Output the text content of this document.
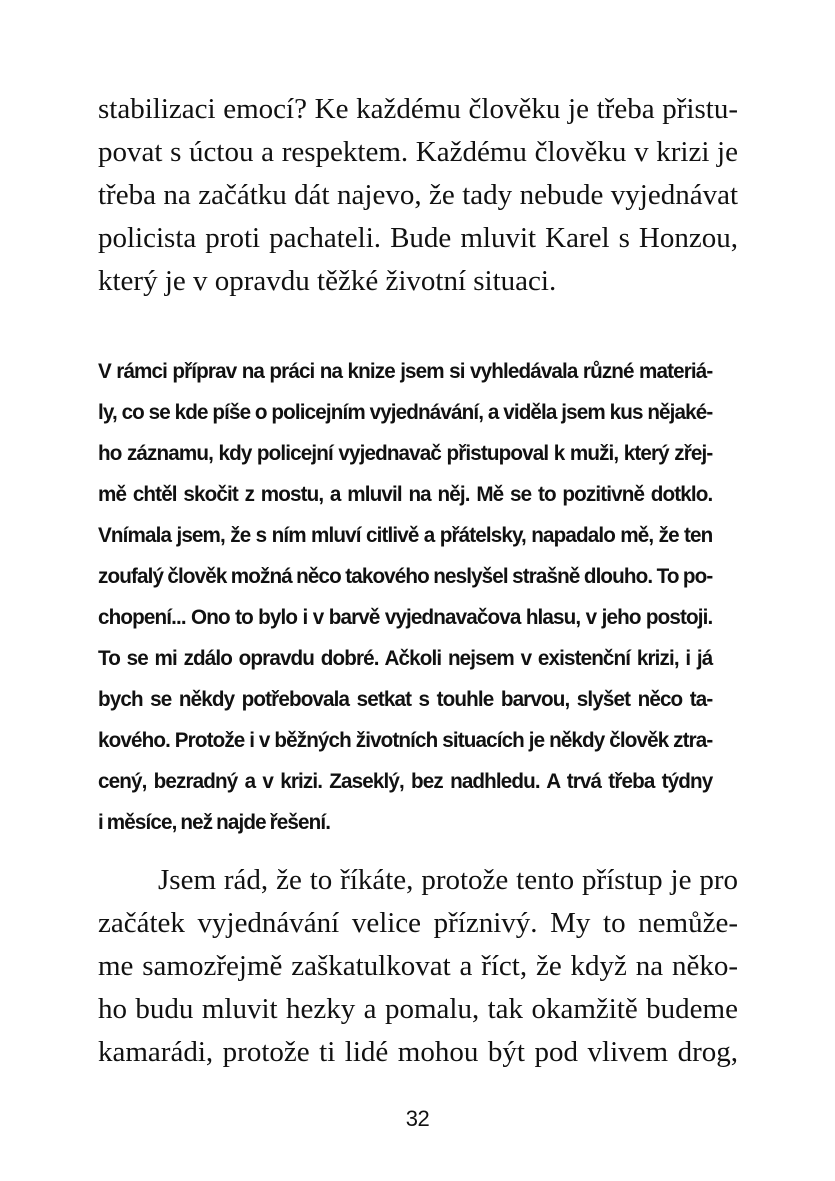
stabilizaci emocí? Ke každému člověku je třeba přistu-
povat s úctou a respektem. Každému člověku v krizi je
třeba na začátku dát najevo, že tady nebude vyjednávat
policista proti pachateli. Bude mluvit Karel s Honzou,
který je v opravdu těžké životní situaci.
V rámci příprav na práci na knize jsem si vyhledávala různé materiá-
ly, co se kde píše o policejním vyjednávání, a viděla jsem kus nějaké-
ho záznamu, kdy policejní vyjednavač přistupoval k muži, který zřej-
mě chtěl skočit z mostu, a mluvil na něj. Mě se to pozitivně dotklo.
Vnímala jsem, že s ním mluví citlivě a přátelsky, napadalo mě, že ten
zoufalý člověk možná něco takového neslyšel strašně dlouho. To po-
chopení... Ono to bylo i v barvě vyjednavačova hlasu, v jeho postoji.
To se mi zdálo opravdu dobré. Ačkoli nejsem v existenční krizi, i já
bych se někdy potřebovala setkat s touhle barvou, slyšet něco ta-
kového. Protože i v běžných životních situacích je někdy člověk ztra-
cený, bezradný a v krizi. Zaseklý, bez nadhledu. A trvá třeba týdny
i měsíce, než najde řešení.
Jsem rád, že to říkáte, protože tento přístup je pro
začátek vyjednávání velice příznivý. My to nemůže-
me samozřejmě zaškatulkovat a říct, že když na něko-
ho budu mluvit hezky a pomalu, tak okamžitě budeme
kamarádi, protože ti lidé mohou být pod vlivem drog,
32
